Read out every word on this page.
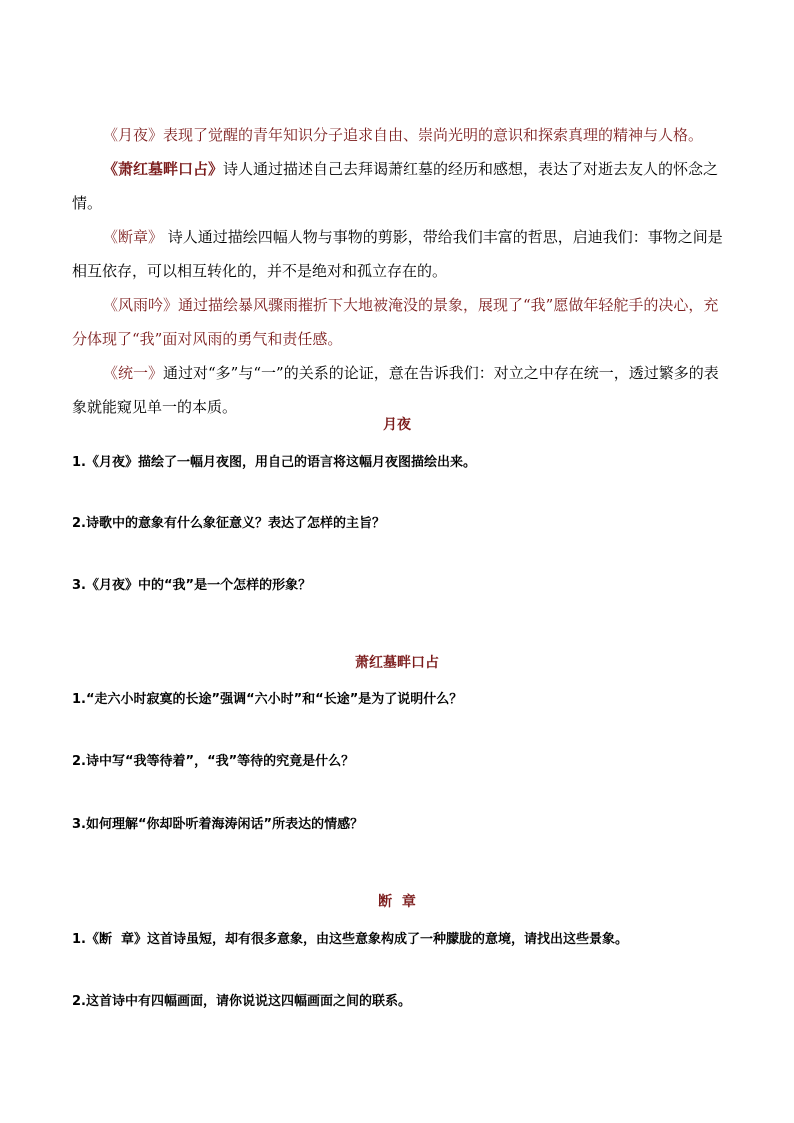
《月夜》表现了觉醒的青年知识分子追求自由、崇尚光明的意识和探索真理的精神与人格。

《萧红墓畔口占》诗人通过描述自己去拜谒萧红墓的经历和感想，表达了对逝去友人的怀念之情。

《断章》 诗人通过描绘四幅人物与事物的剪影，带给我们丰富的哲思，启迪我们：事物之间是相互依存，可以相互转化的，并不是绝对和孤立存在的。

《风雨吟》通过描绘暴风骤雨摧折下大地被淹没的景象，展现了“我”愿做年轻舵手的决心，充分体现了“我”面对风雨的勇气和责任感。

《统一》通过对“多”与“一”的关系的论证，意在告诉我们：对立之中存在统一，透过繁多的表象就能窥见单一的本质。

月夜

1.《月夜》描绘了一幅月夜图，用自己的语言将这幅月夜图描绘出来。

2.诗歌中的意象有什么象征意义？表达了怎样的主旨？

3.《月夜》中的“我”是一个怎样的形象？

萧红墓畔口占

1.“走六小时寂寞的长途”强调“六小时”和“长途”是为了说明什么？

2.诗中写“我等待着”，“我”等待的究竟是什么？

3.如何理解“你却卧听着海涛闲话”所表达的情感？

断  章

1.《断  章》这首诗虽短，却有很多意象，由这些意象构成了一种朦胧的意境，请找出这些景象。

2.这首诗中有四幅画面，请你说说这四幅画面之间的联系。
